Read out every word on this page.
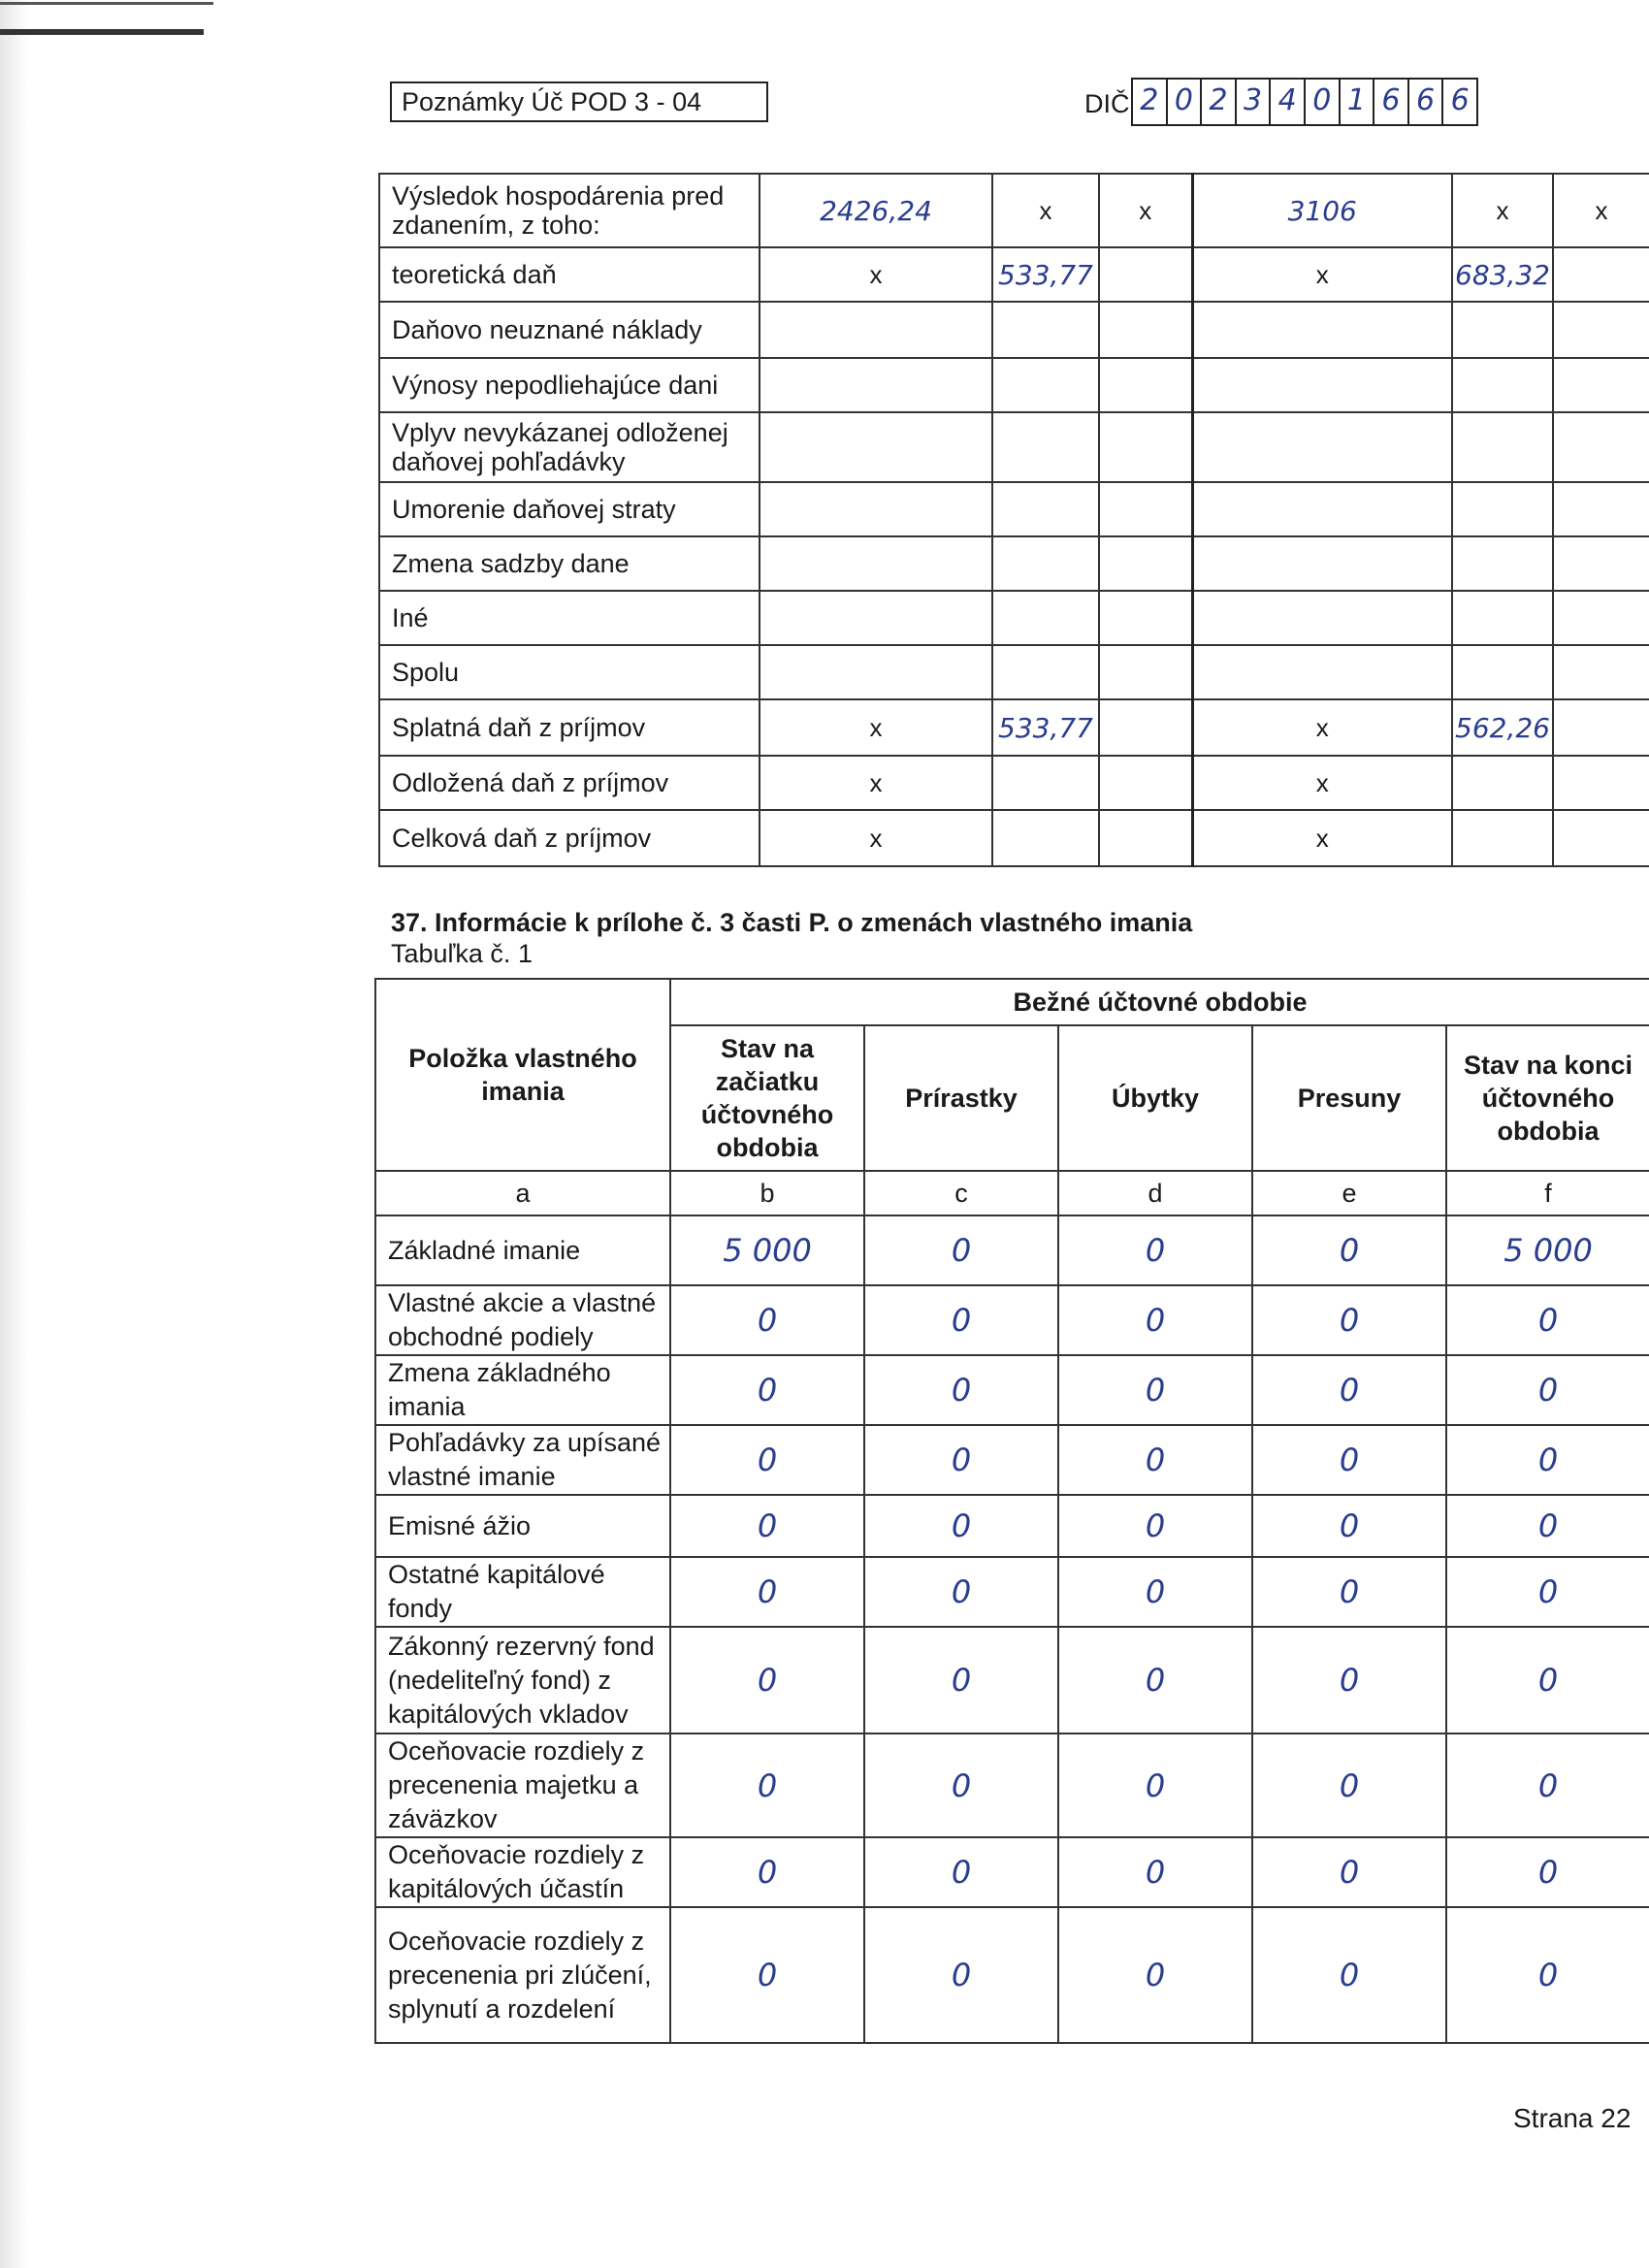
Poznámky Úč POD 3 - 04	DIČ 2 0 2 3 4 0 1 6 6 6
Výsledok hospodárenia pred zdanením, z toho:	2426,24	x	x	3106	x	x
teoretická daň	x	533,77		x	683,32	
Daňovo neuznané náklady						
Výnosy nepodliehajúce dani						
Vplyv nevykázanej odloženej daňovej pohľadávky						
Umorenie daňovej straty						
Zmena sadzby dane						
Iné						
Spolu						
Splatná daň z príjmov	x	533,77		x	562,26	
Odložená daň z príjmov	x			x		
Celková daň z príjmov	x			x		
37. Informácie k prílohe č. 3 časti P. o zmenách vlastného imania
Tabuľka č. 1
Položka vlastného imania	Bežné účtovné obdobie				
	Stav na začiatku účtovného obdobia	Prírastky	Úbytky	Presuny	Stav na konci účtovného obdobia
a	b	c	d	e	f
Základné imanie	5 000	0	0	0	5 000
Vlastné akcie a vlastné obchodné podiely	0	0	0	0	0
Zmena základného imania	0	0	0	0	0
Pohľadávky za upísané vlastné imanie	0	0	0	0	0
Emisné ážio	0	0	0	0	0
Ostatné kapitálové fondy	0	0	0	0	0
Zákonný rezervný fond (nedeliteľný fond) z kapitálových vkladov	0	0	0	0	0
Oceňovacie rozdiely z precenenia majetku a záväzkov	0	0	0	0	0
Oceňovacie rozdiely z kapitálových účastín	0	0	0	0	0
Oceňovacie rozdiely z precenenia pri zlúčení, splynutí a rozdelení	0	0	0	0	0
Strana 22
